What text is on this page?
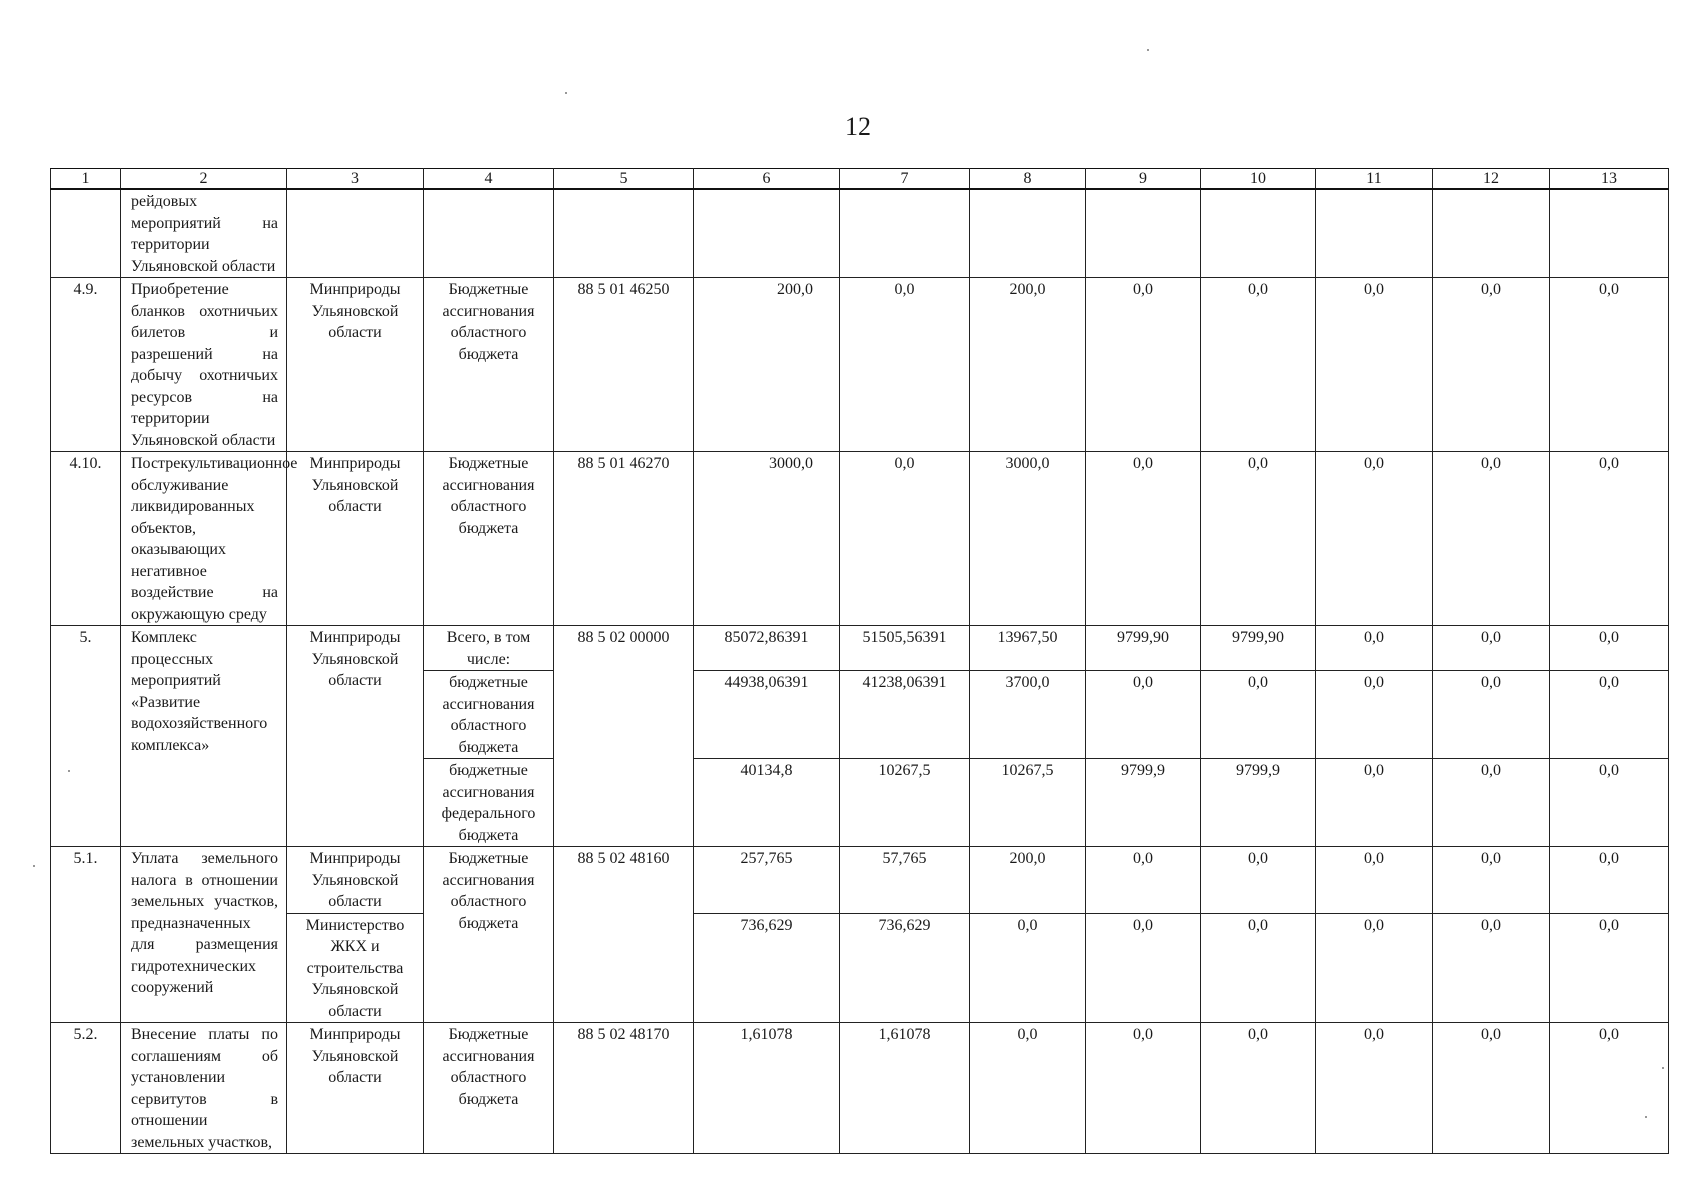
12
1	2	3	4	5	6	7	8	9	10	11	12	13
	рейдовых мероприятий на территории Ульяновской области											
4.9.	Приобретение бланков охотничьих билетов и разрешений на добычу охотничьих ресурсов на территории Ульяновской области	Минприроды Ульяновской области	Бюджетные ассигнования областного бюджета	88 5 01 46250	200,0	0,0	200,0	0,0	0,0	0,0	0,0	0,0
4.10.	Пострекультивационное обслуживание ликвидированных объектов, оказывающих негативное воздействие на окружающую среду	Минприроды Ульяновской области	Бюджетные ассигнования областного бюджета	88 5 01 46270	3000,0	0,0	3000,0	0,0	0,0	0,0	0,0	0,0
5.	Комплекс процессных мероприятий «Развитие водохозяйственного комплекса»	Минприроды Ульяновской области	Всего, в том числе:	88 5 02 00000	85072,86391	51505,56391	13967,50	9799,90	9799,90	0,0	0,0	0,0
			бюджетные ассигнования областного бюджета		44938,06391	41238,06391	3700,0	0,0	0,0	0,0	0,0	0,0
			бюджетные ассигнования федерального бюджета		40134,8	10267,5	10267,5	9799,9	9799,9	0,0	0,0	0,0
5.1.	Уплата земельного налога в отношении земельных участков, предназначенных для размещения гидротехнических сооружений	Минприроды Ульяновской области	Бюджетные ассигнования областного бюджета	88 5 02 48160	257,765	57,765	200,0	0,0	0,0	0,0	0,0	0,0
		Министерство ЖКХ и строительства Ульяновской области			736,629	736,629	0,0	0,0	0,0	0,0	0,0	0,0
5.2.	Внесение платы по соглашениям об установлении сервитутов в отношении земельных участков,	Минприроды Ульяновской области	Бюджетные ассигнования областного бюджета	88 5 02 48170	1,61078	1,61078	0,0	0,0	0,0	0,0	0,0	0,0
